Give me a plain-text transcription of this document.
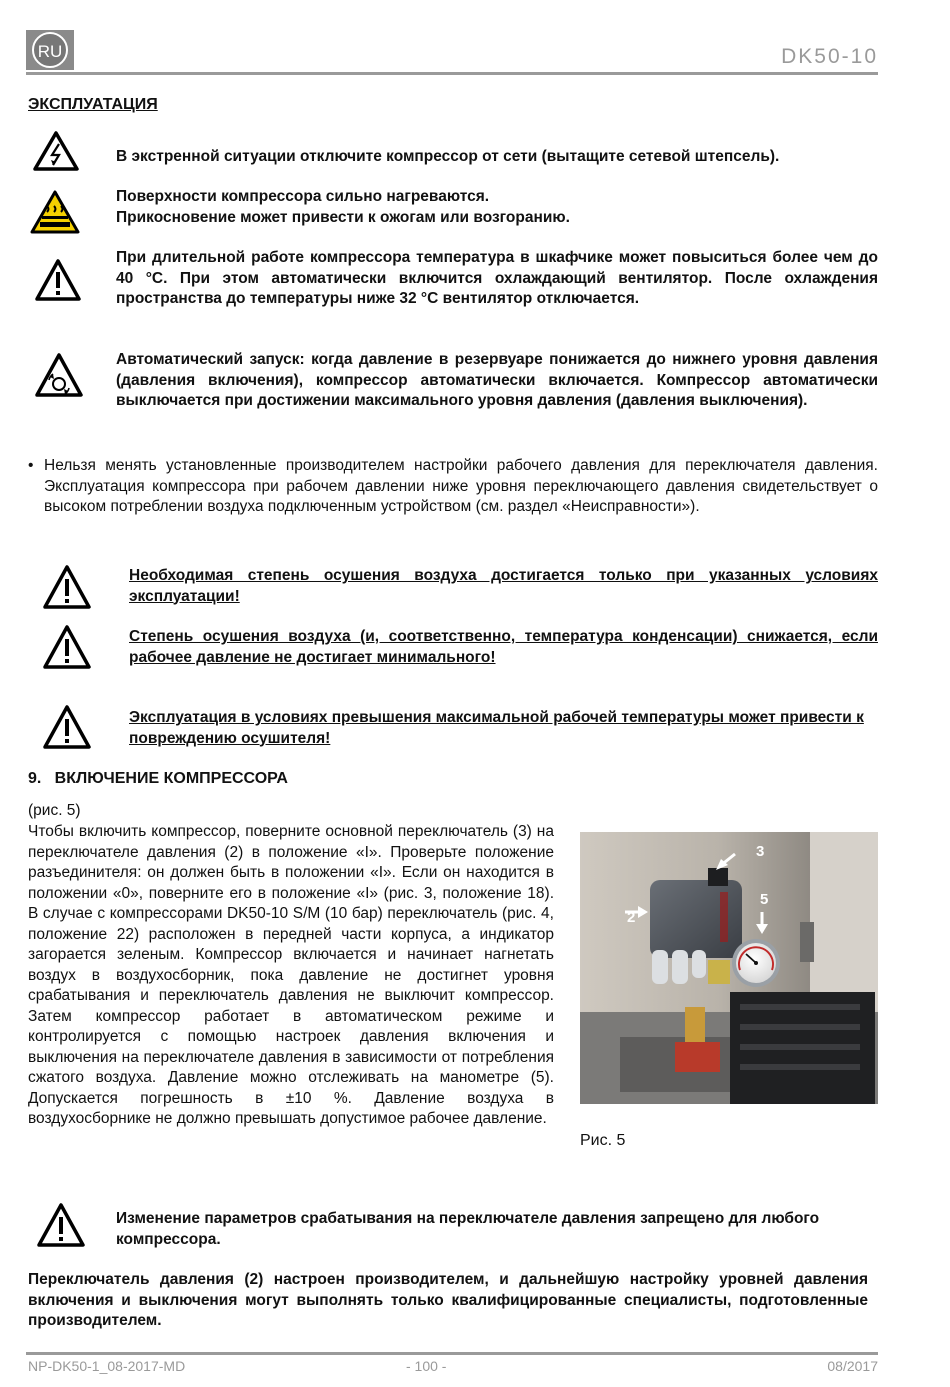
RU	DK50-10
ЭКСПЛУАТАЦИЯ
В экстренной ситуации отключите компрессор от сети (вытащите сетевой штепсель).

Поверхности компрессора сильно нагреваются.

Прикосновение может привести к ожогам или возгоранию.

При длительной работе компрессора температура в шкафчике может повыситься более чем до 40 °C. При этом автоматически включится охлаждающий вентилятор. После охлаждения пространства до температуры ниже 32 °C вентилятор отключается.
Автоматический запуск: когда давление в резервуаре понижается до нижнего уровня давления (давления включения), компрессор автоматически включается. Компрессор автоматически выключается при достижении максимального уровня давления (давления выключения).
• Нельзя менять установленные производителем настройки рабочего давления для переключателя давления. Эксплуатация компрессора при рабочем давлении ниже уровня переключающего давления свидетельствует о высоком потреблении воздуха подключенным устройством (см. раздел «Неисправности»).
Необходимая степень осушения воздуха достигается только при указанных условиях эксплуатации!
Степень осушения воздуха (и, соответственно, температура конденсации) снижается, если рабочее давление не достигает минимального!
Эксплуатация в условиях превышения максимальной рабочей температуры может привести к повреждению осушителя!
9.   ВКЛЮЧЕНИЕ КОМПРЕССОРА
(рис. 5)
Чтобы включить компрессор, поверните основной переключатель (3) на переключателе давления (2) в положение «I». Проверьте положение разъединителя: он должен быть в положении «I». Если он находится в положении «0», поверните его в положение «I» (рис. 3, положение 18). В случае с компрессорами DK50-10 S/M (10 бар) переключатель (рис. 4, положение 22) расположен в передней части корпуса, а индикатор загорается зеленым. Компрессор включается и начинает нагнетать воздух в воздухосборник, пока давление не достигнет уровня срабатывания и переключатель давления не выключит компрессор. Затем компрессор работает в автоматическом режиме и контролируется с помощью настроек давления включения и выключения на переключателе давления в зависимости от потребления сжатого воздуха. Давление можно отслеживать на манометре (5). Допускается погрешность в ±10 %. Давление воздуха в воздухосборнике не должно превышать допустимое рабочее давление.
3
2
5
Рис. 5
Изменение параметров срабатывания на переключателе давления запрещено для любого компрессора.
Переключатель давления (2) настроен производителем, и дальнейшую настройку уровней давления включения и выключения могут выполнять только квалифицированные специалисты, подготовленные производителем.
NP-DK50-1_08-2017-MD	- 100 -	08/2017
